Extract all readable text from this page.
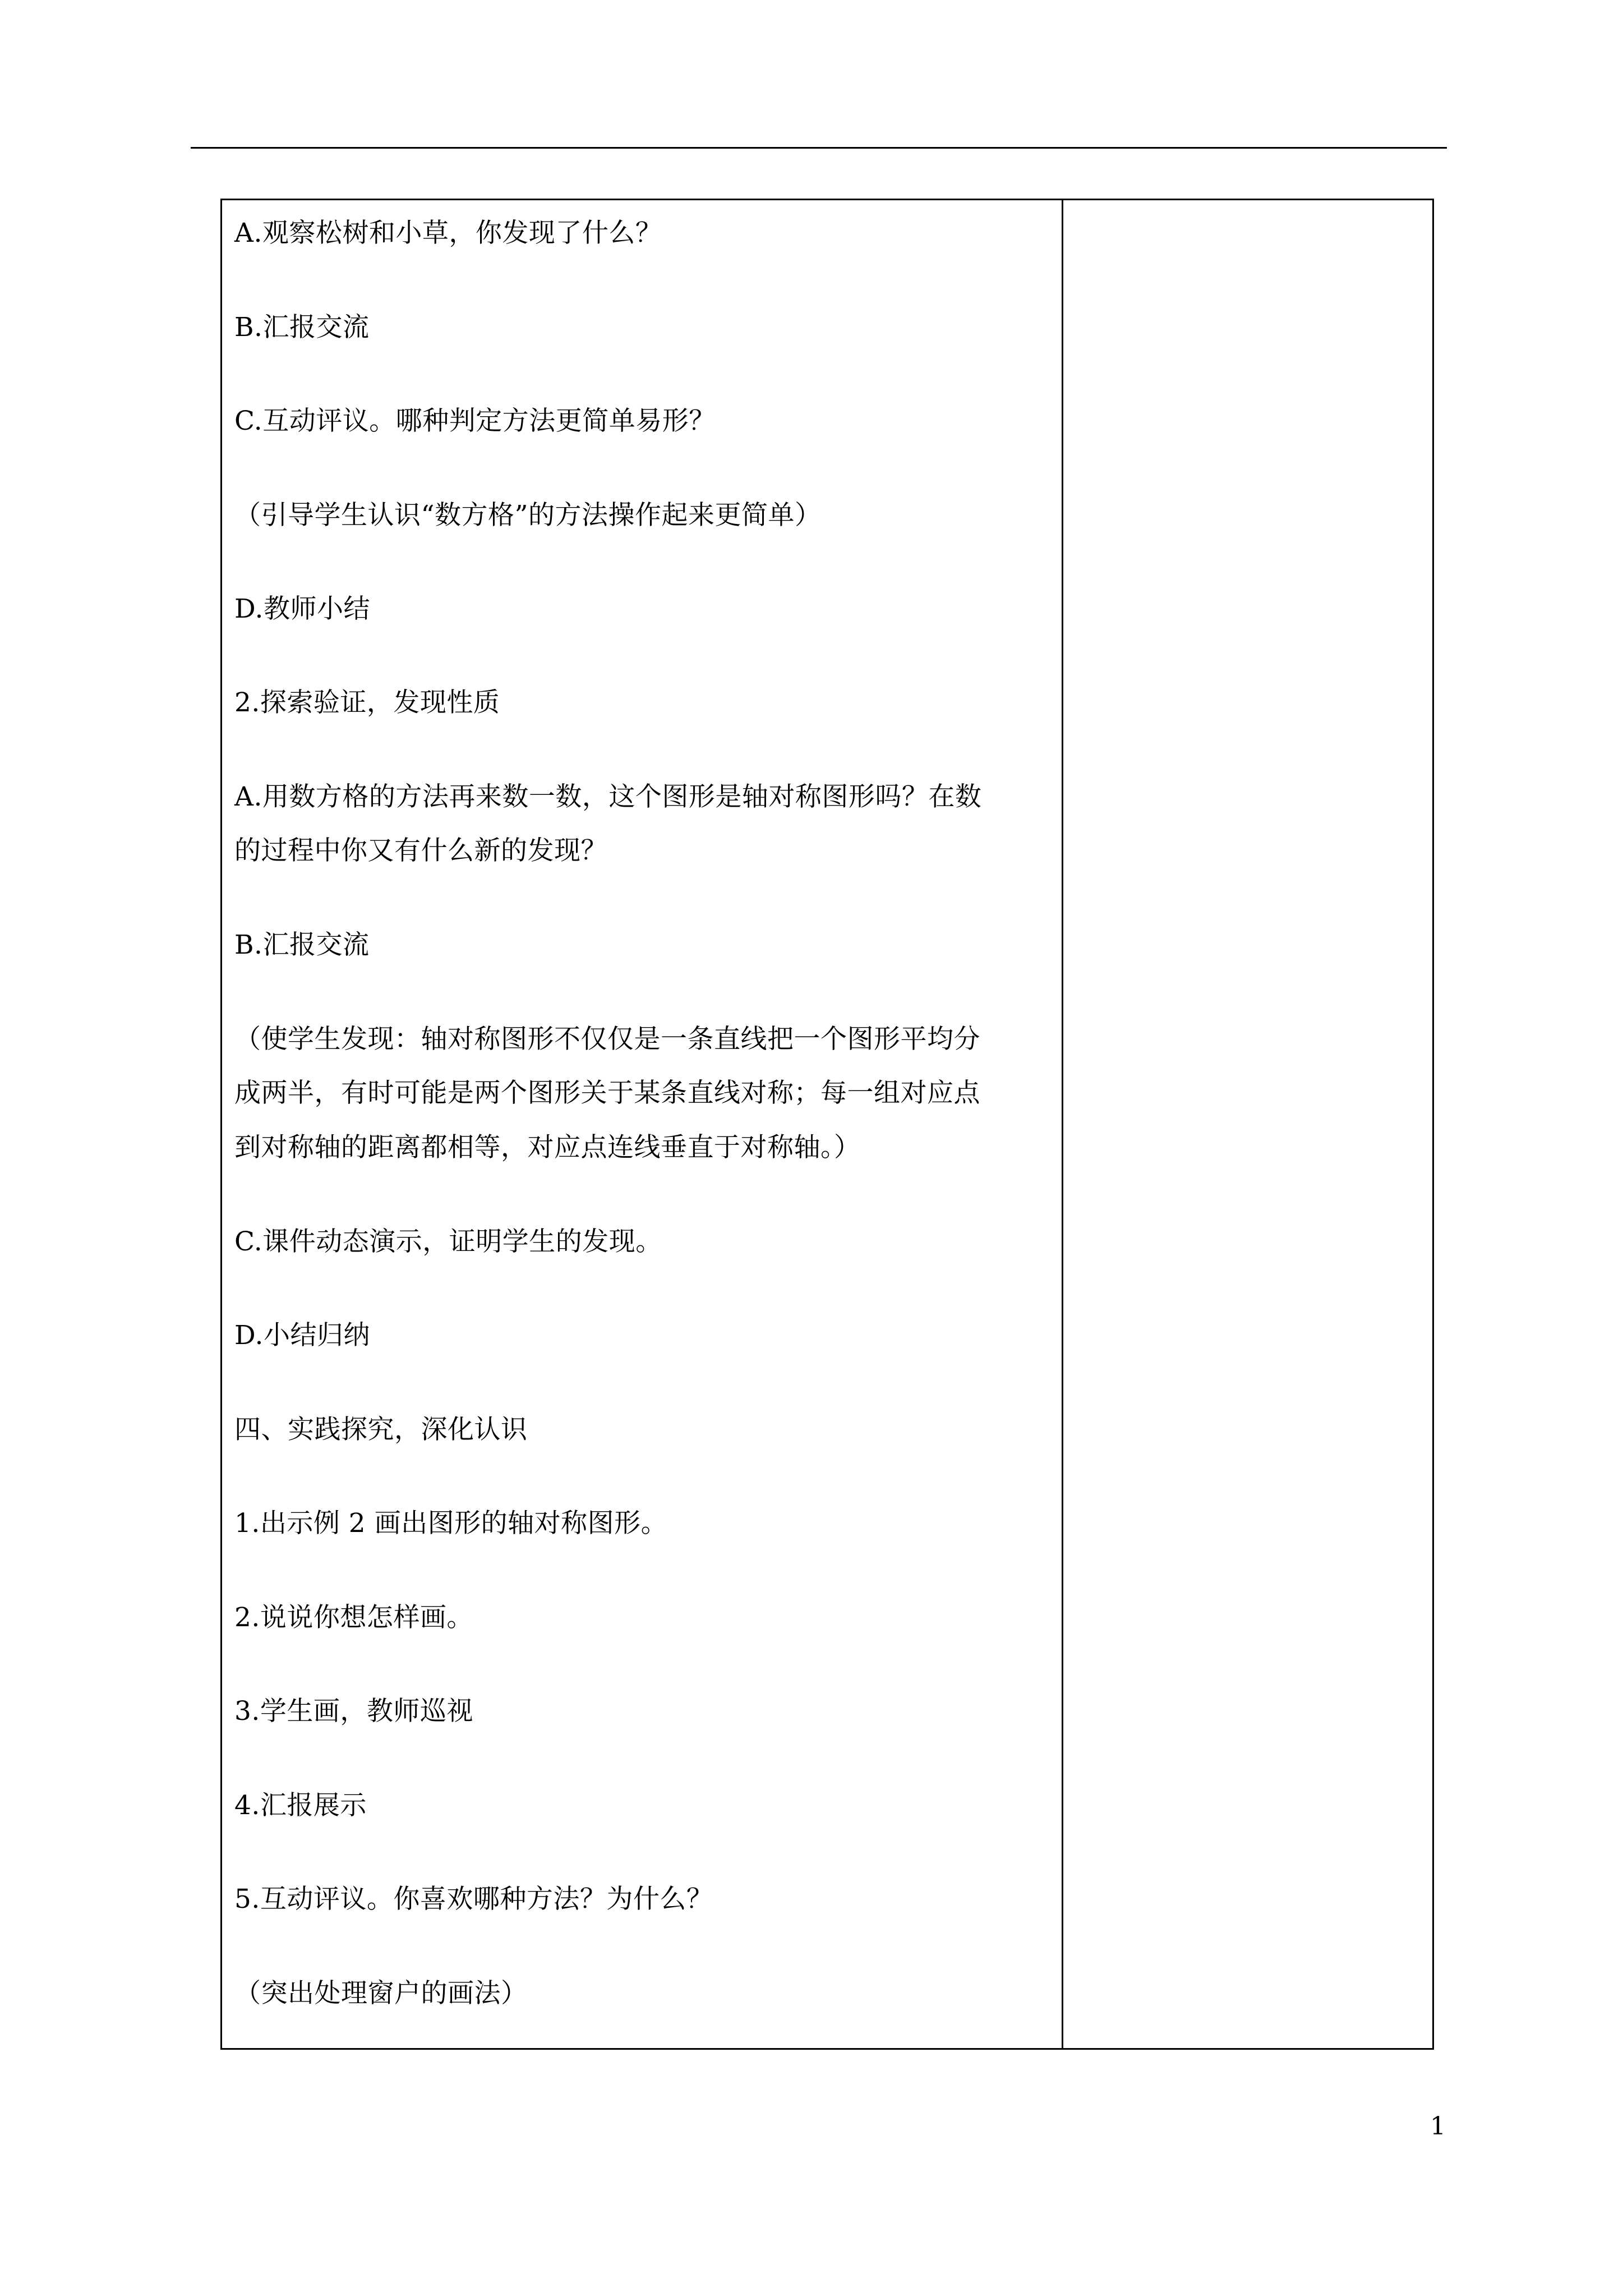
A.观察松树和小草，你发现了什么？
B.汇报交流
C.互动评议。哪种判定方法更简单易形？
（引导学生认识“数方格”的方法操作起来更简单）
D.教师小结
2.探索验证，发现性质
A.用数方格的方法再来数一数，这个图形是轴对称图形吗？在数
的过程中你又有什么新的发现？
B.汇报交流
（使学生发现：轴对称图形不仅仅是一条直线把一个图形平均分
成两半，有时可能是两个图形关于某条直线对称；每一组对应点
到对称轴的距离都相等，对应点连线垂直于对称轴。）
C.课件动态演示，证明学生的发现。
D.小结归纳
四、实践探究，深化认识
1.出示例 2 画出图形的轴对称图形。
2.说说你想怎样画。
3.学生画，教师巡视
4.汇报展示
5.互动评议。你喜欢哪种方法？为什么？
（突出处理窗户的画法）
1
